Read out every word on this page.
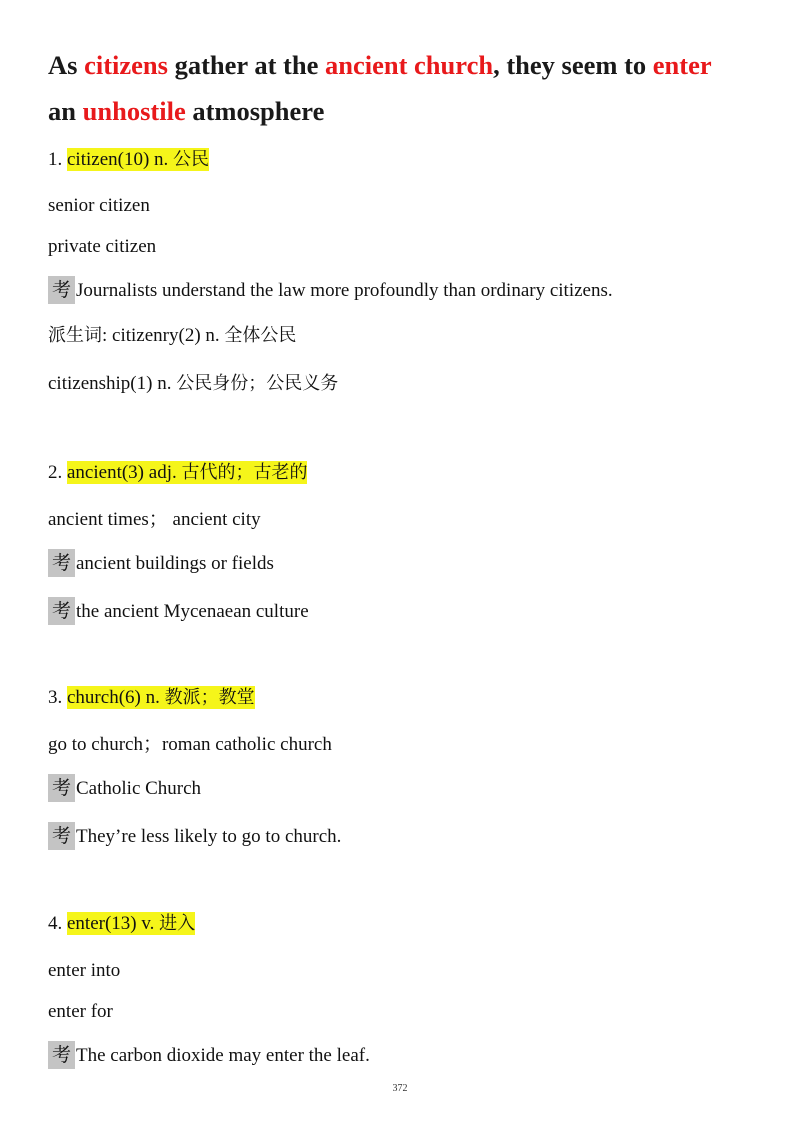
As citizens gather at the ancient church, they seem to enter
an unhostile atmosphere
1. citizen(10) n. 公民
senior citizen
private citizen
考 Journalists understand the law more profoundly than ordinary citizens.
派生词: citizenry(2) n. 全体公民
citizenship(1) n. 公民身份；公民义务
2. ancient(3) adj. 古代的；古老的
ancient times； ancient city
考 ancient buildings or fields
考 the ancient Mycenaean culture
3. church(6) n. 教派；教堂
go to church；roman catholic church
考 Catholic Church
考 They’re less likely to go to church.
4. enter(13) v. 进入
enter into
enter for
考 The carbon dioxide may enter the leaf.
372
